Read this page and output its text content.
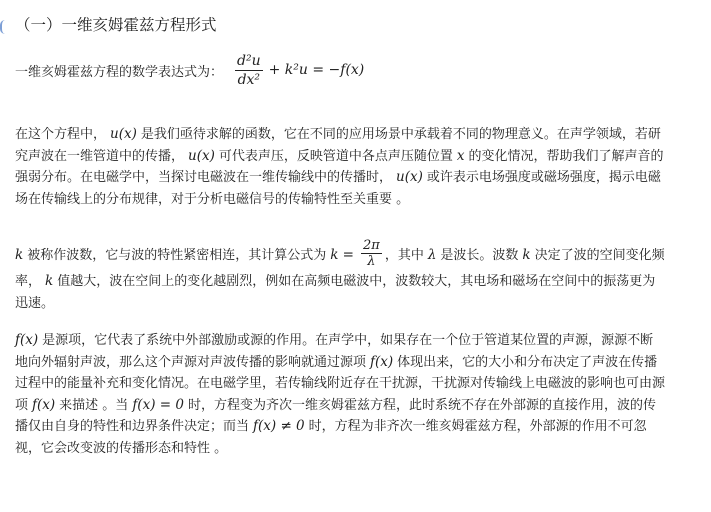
（一）一维亥姆霍兹方程形式
一维亥姆霍兹方程的数学表达式为： $\frac{\text{d²u}}{\text{dx²}} + k^2u = -f(x)$
在这个方程中， u(x) 是我们亟待求解的函数，它在不同的应用场景中承载着不同的物理意义。在声学领域，若研究声波在一维管道中的传播， u(x) 可代表声压，反映管道中各点声压随位置 x 的变化情况，帮助我们了解声音的强弱分布。在电磁学中，当探讨电磁波在一维传输线中的传播时， u(x) 或许表示电场强度或磁场强度，揭示电磁场在传输线上的分布规律，对于分析电磁信号的传输特性至关重要 。
k 被称作波数，它与波的特性紧密相连，其计算公式为 $k = \frac{2\pi}{\lambda}$ ，其中 λ 是波长。波数 k 决定了波的空间变化频率， k 值越大，波在空间上的变化越剧烈，例如在高频电磁波中，波数较大，其电场和磁场在空间中的振荡更为迅速。
f(x) 是源项，它代表了系统中外部激励或源的作用。在声学中，如果存在一个位于管道某位置的声源，源源不断地向外辐射声波，那么这个声源对声波传播的影响就通过源项 f(x) 体现出来，它的大小和分布决定了声波在传播过程中的能量补充和变化情况。在电磁学里，若传输线附近存在干扰源，干扰源对传输线上电磁波的影响也可由源项 f(x) 来描述 。当 f(x) = 0 时，方程变为齐次一维亥姆霍兹方程，此时系统不存在外部源的直接作用，波的传播仅由自身的特性和边界条件决定；而当 f(x) ≠ 0 时，方程为非齐次一维亥姆霍兹方程，外部源的作用不可忽视，它会改变波的传播形态和特性 。
